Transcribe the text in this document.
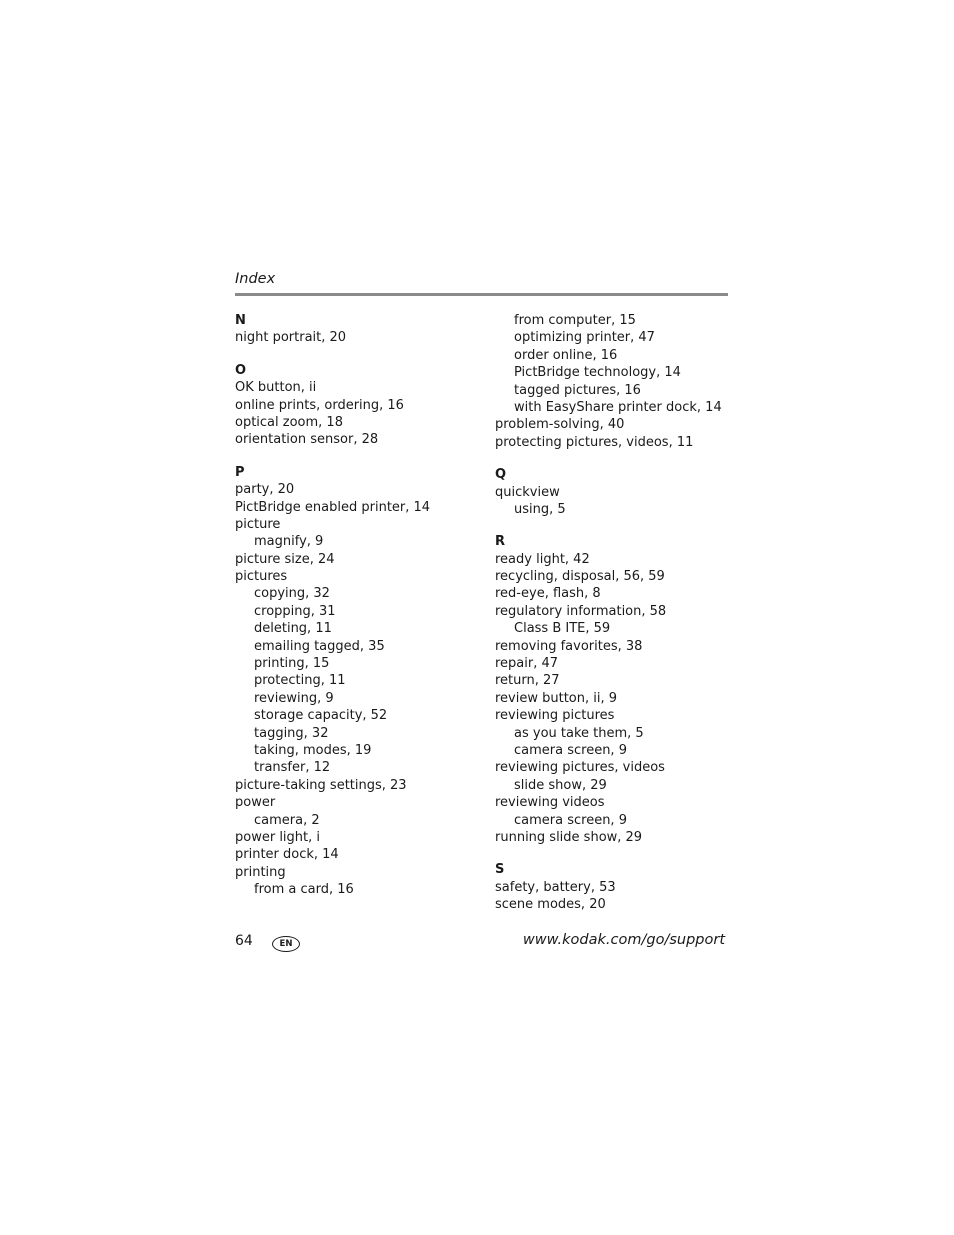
Index
N
night portrait, 20
O
OK button, ii
online prints, ordering, 16
optical zoom, 18
orientation sensor, 28
P
party, 20
PictBridge enabled printer, 14
picture
magnify, 9
picture size, 24
pictures
copying, 32
cropping, 31
deleting, 11
emailing tagged, 35
printing, 15
protecting, 11
reviewing, 9
storage capacity, 52
tagging, 32
taking, modes, 19
transfer, 12
picture-taking settings, 23
power
camera, 2
power light, i
printer dock, 14
printing
from a card, 16
from computer, 15
optimizing printer, 47
order online, 16
PictBridge technology, 14
tagged pictures, 16
with EasyShare printer dock, 14
problem-solving, 40
protecting pictures, videos, 11
Q
quickview
using, 5
R
ready light, 42
recycling, disposal, 56, 59
red-eye, flash, 8
regulatory information, 58
Class B ITE, 59
removing favorites, 38
repair, 47
return, 27
review button, ii, 9
reviewing pictures
as you take them, 5
camera screen, 9
reviewing pictures, videos
slide show, 29
reviewing videos
camera screen, 9
running slide show, 29
S
safety, battery, 53
scene modes, 20
64	EN	www.kodak.com/go/support
